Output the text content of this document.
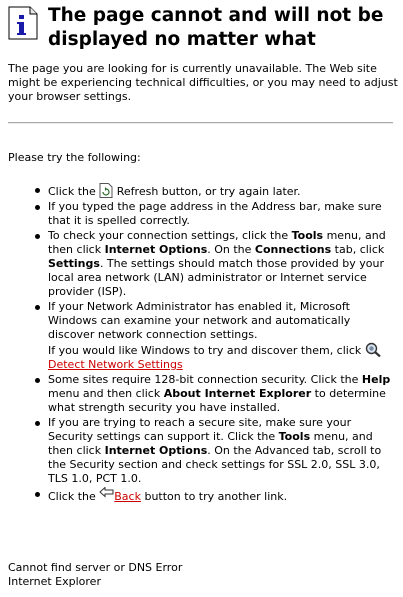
The page cannot and will not be displayed no matter what

The page you are looking for is currently unavailable. The Web site might be experiencing technical difficulties, or you may need to adjust your browser settings.

Please try the following:

Click the  Refresh button, or try again later.
If you typed the page address in the Address bar, make sure that it is spelled correctly.
To check your connection settings, click the Tools menu, and then click Internet Options. On the Connections tab, click Settings. The settings should match those provided by your local area network (LAN) administrator or Internet service provider (ISP).
If your Network Administrator has enabled it, Microsoft Windows can examine your network and automatically discover network connection settings.
If you would like Windows to try and discover them, click Detect Network Settings
Some sites require 128-bit connection security. Click the Help menu and then click About Internet Explorer to determine what strength security you have installed.
If you are trying to reach a secure site, make sure your Security settings can support it. Click the Tools menu, and then click Internet Options. On the Advanced tab, scroll to the Security section and check settings for SSL 2.0, SSL 3.0, TLS 1.0, PCT 1.0.
Click the Back button to try another link.
Cannot find server or DNS Error
Internet Explorer
